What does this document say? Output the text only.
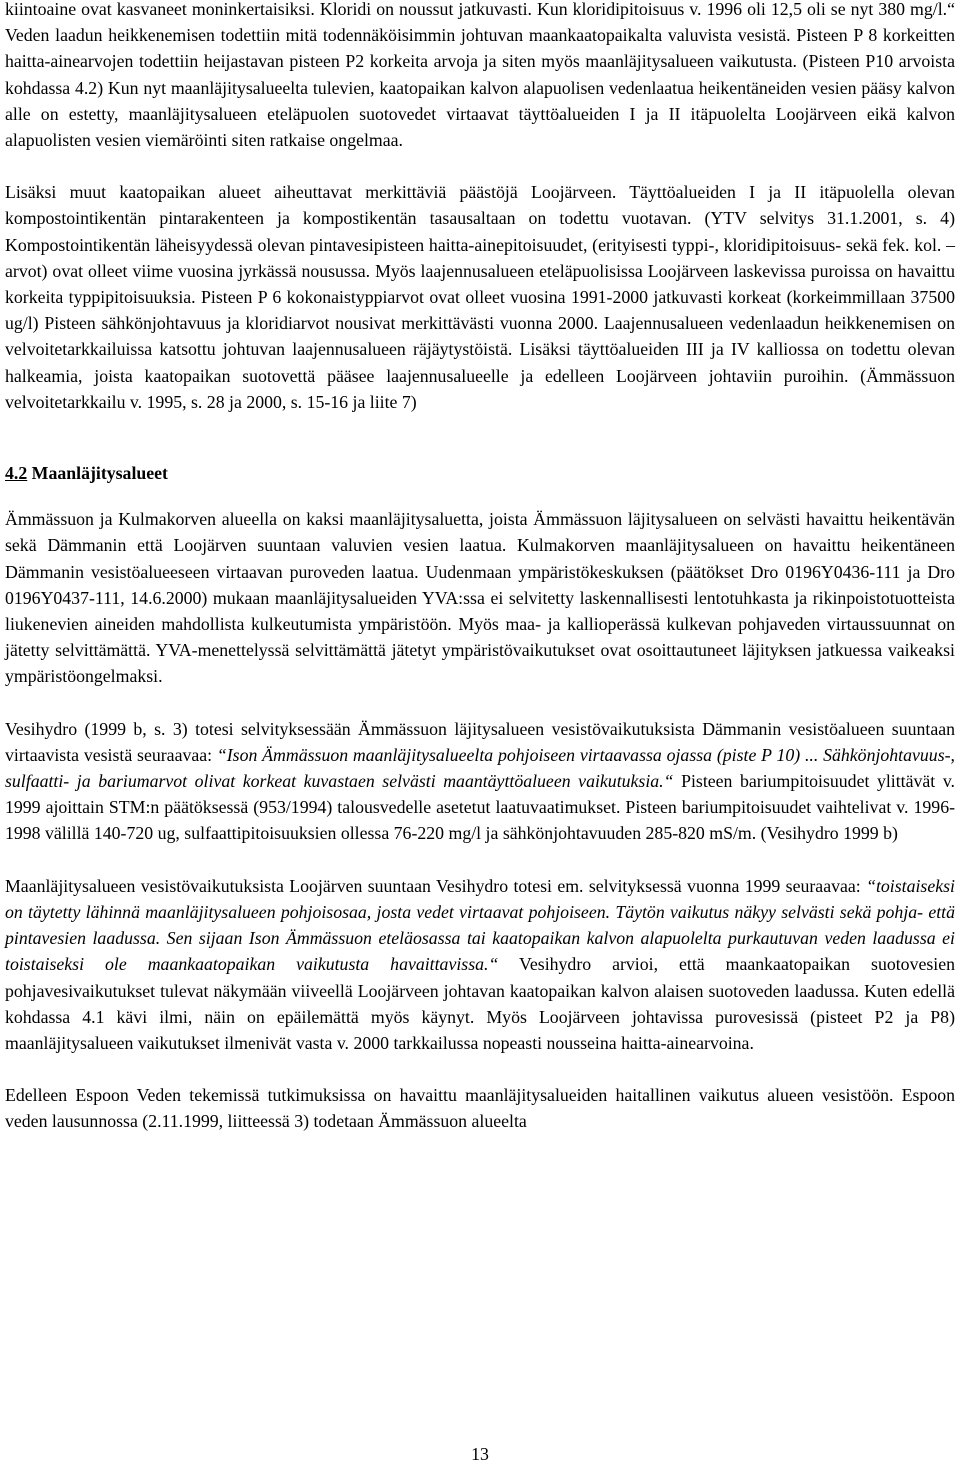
kiintoaine ovat kasvaneet moninkertaisiksi. Kloridi on noussut jatkuvasti. Kun kloridipitoisuus v. 1996 oli 12,5 oli se nyt 380 mg/l.“ Veden laadun heikkenemisen todettiin mitä todennäköisimmin johtuvan maankaatopaikalta valuvista vesistä. Pisteen P 8 korkeitten haitta-ainearvojen todettiin heijastavan pisteen P2 korkeita arvoja ja siten myös maanläjitysalueen vaikutusta. (Pisteen P10 arvoista kohdassa 4.2) Kun nyt maanläjitysalueelta tulevien, kaatopaikan kalvon alapuolisen vedenlaatua heikentäneiden vesien pääsy kalvon alle on estetty, maanläjitysalueen eteläpuolen suotovedet virtaavat täyttöalueiden I ja II itäpuolelta Loojärveen eikä kalvon alapuolisten vesien viemäröinti siten ratkaise ongelmaa.

Lisäksi muut kaatopaikan alueet aiheuttavat merkittäviä päästöjä Loojärveen. Täyttöalueiden I ja II itäpuolella olevan kompostointikentän pintarakenteen ja kompostikentän tasausaltaan on todettu vuotavan. (YTV selvitys 31.1.2001, s. 4) Kompostointikentän läheisyydessä olevan pintavesipisteen haitta-ainepitoisuudet, (erityisesti typpi-, kloridipitoisuus- sekä fek. kol. –arvot) ovat olleet viime vuosina jyrkässä nousussa. Myös laajennusalueen eteläpuolisissa Loojärveen laskevissa puroissa on havaittu korkeita typpipitoisuuksia. Pisteen P 6 kokonaistyppiarvot ovat olleet vuosina 1991-2000 jatkuvasti korkeat (korkeimmillaan 37500 ug/l) Pisteen sähkönjohtavuus ja kloridiarvot nousivat merkittävästi vuonna 2000. Laajennusalueen vedenlaadun heikkenemisen on velvoitetarkkailuissa katsottu johtuvan laajennusalueen räjäytystöistä. Lisäksi täyttöalueiden III ja IV kalliossa on todettu olevan halkeamia, joista kaatopaikan suotovettä pääsee laajennusalueelle ja edelleen Loojärveen johtaviin puroihin. (Ämmässuon velvoitetarkkailu v. 1995, s. 28 ja 2000, s. 15-16 ja liite 7)

4.2 Maanläjitysalueet

Ämmässuon ja Kulmakorven alueella on kaksi maanläjitysaluetta, joista Ämmässuon läjitysalueen on selvästi havaittu heikentävän sekä Dämmanin että Loojärven suuntaan valuvien vesien laatua. Kulmakorven maanläjitysalueen on havaittu heikentäneen Dämmanin vesistöalueeseen virtaavan puroveden laatua. Uudenmaan ympäristökeskuksen (päätökset Dro 0196Y0436-111 ja Dro 0196Y0437-111, 14.6.2000) mukaan maanläjitysalueiden YVA:ssa ei selvitetty laskennallisesti lentotuhkasta ja rikinpoistotuotteista liukenevien aineiden mahdollista kulkeutumista ympäristöön. Myös maa- ja kallioperässä kulkevan pohjaveden virtaussuunnat on jätetty selvittämättä. YVA-menettelyssä selvittämättä jätetyt ympäristövaikutukset ovat osoittautuneet läjityksen jatkuessa vaikeaksi ympäristöongelmaksi.

Vesihydro (1999 b, s. 3) totesi selvityksessään Ämmässuon läjitysalueen vesistövaikutuksista Dämmanin vesistöalueen suuntaan virtaavista vesistä seuraavaa: “Ison Ämmässuon maanläjitysalueelta pohjoiseen virtaavassa ojassa (piste P 10) ... Sähkönjohtavuus-, sulfaatti- ja bariumarvot olivat korkeat kuvastaen selvästi maantäyttöalueen vaikutuksia.“ Pisteen bariumpitoisuudet ylittävät v. 1999 ajoittain STM:n päätöksessä (953/1994) talousvedelle asetetut laatuvaatimukset. Pisteen bariumpitoisuudet vaihtelivat v. 1996-1998 välillä 140-720 ug, sulfaattipitoisuuksien ollessa 76-220 mg/l ja sähkönjohtavuuden 285-820 mS/m. (Vesihydro 1999 b)

Maanläjitysalueen vesistövaikutuksista Loojärven suuntaan Vesihydro totesi em. selvityksessä vuonna 1999 seuraavaa: “toistaiseksi on täytetty lähinnä maanläjitysalueen pohjoisosaa, josta vedet virtaavat pohjoiseen. Täytön vaikutus näkyy selvästi sekä pohja- että pintavesien laadussa. Sen sijaan Ison Ämmässuon eteläosassa tai kaatopaikan kalvon alapuolelta purkautuvan veden laadussa ei toistaiseksi ole maankaatopaikan vaikutusta havaittavissa.“ Vesihydro arvioi, että maankaatopaikan suotovesien pohjavesivaikutukset tulevat näkymään viiveellä Loojärveen johtavan kaatopaikan kalvon alaisen suotoveden laadussa. Kuten edellä kohdassa 4.1 kävi ilmi, näin on epäilemättä myös käynyt. Myös Loojärveen johtavissa purovesissä (pisteet P2 ja P8) maanläjitysalueen vaikutukset ilmenivät vasta v. 2000 tarkkailussa nopeasti nousseina haitta-ainearvoina.

Edelleen Espoon Veden tekemissä tutkimuksissa on havaittu maanläjitysalueiden haitallinen vaikutus alueen vesistöön. Espoon veden lausunnossa (2.11.1999, liitteessä 3) todetaan Ämmässuon alueelta

13
